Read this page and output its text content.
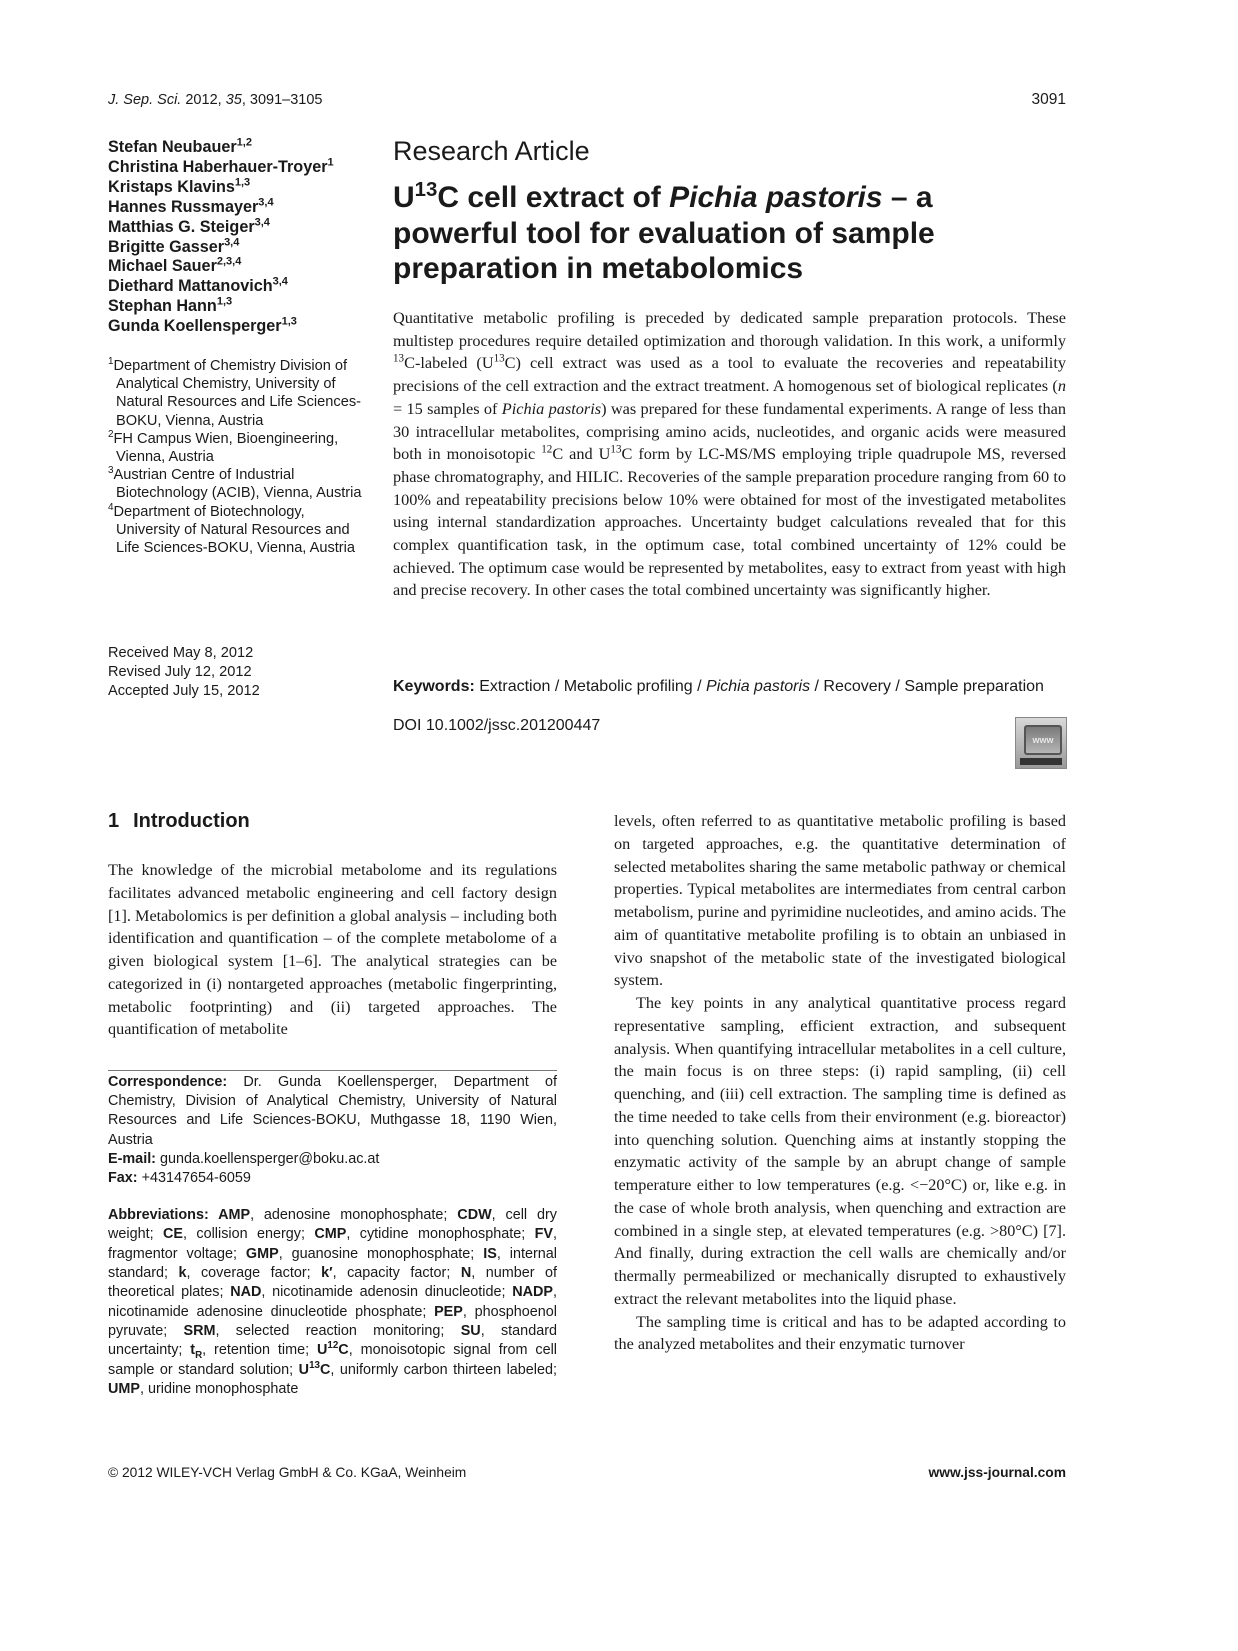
J. Sep. Sci. 2012, 35, 3091–3105	3091
Stefan Neubauer$^{1,2}$
Christina Haberhauer-Troyer$^1$
Kristaps Klavins$^{1,3}$
Hannes Russmayer$^{3,4}$
Matthias G. Steiger$^{3,4}$
Brigitte Gasser$^{3,4}$
Michael Sauer$^{2,3,4}$
Diethard Mattanovich$^{3,4}$
Stephan Hann$^{1,3}$
Gunda Koellensperger$^{1,3}$
$^1$Department of Chemistry Division of Analytical Chemistry, University of Natural Resources and Life Sciences-BOKU, Vienna, Austria
$^2$FH Campus Wien, Bioengineering, Vienna, Austria
$^3$Austrian Centre of Industrial Biotechnology (ACIB), Vienna, Austria
$^4$Department of Biotechnology, University of Natural Resources and Life Sciences-BOKU, Vienna, Austria
Received May 8, 2012
Revised July 12, 2012
Accepted July 15, 2012
Research Article
$U^{13}C$ cell extract of Pichia pastoris – a powerful tool for evaluation of sample preparation in metabolomics

Quantitative metabolic profiling is preceded by dedicated sample preparation protocols. These multistep procedures require detailed optimization and thorough validation. In this work, a uniformly $^{13}$C-labeled $(U^{13}C)$ cell extract was used as a tool to evaluate the recoveries and repeatability precisions of the cell extraction and the extract treatment. A homogenous set of biological replicates (n = 15 samples of Pichia pastoris) was prepared for these fundamental experiments. A range of less than 30 intracellular metabolites, comprising amino acids, nucleotides, and organic acids were measured both in monoisotopic $^{12}$C and $U^{13}C$ form by LC-MS/MS employing triple quadrupole MS, reversed phase chromatography, and HILIC. Recoveries of the sample preparation procedure ranging from 60 to 100% and repeatability precisions below 10% were obtained for most of the investigated metabolites using internal standardization approaches. Uncertainty budget calculations revealed that for this complex quantification task, in the optimum case, total combined uncertainty of 12% could be achieved. The optimum case would be represented by metabolites, easy to extract from yeast with high and precise recovery. In other cases the total combined uncertainty was significantly higher.

Keywords: Extraction / Metabolic profiling / Pichia pastoris / Recovery / Sample preparation
DOI 10.1002/jssc.201200447
www
1 Introduction

The knowledge of the microbial metabolome and its regulations facilitates advanced metabolic engineering and cell factory design [1]. Metabolomics is per definition a global analysis – including both identification and quantification – of the complete metabolome of a given biological system [1–6]. The analytical strategies can be categorized in (i) nontargeted approaches (metabolic fingerprinting, metabolic footprinting) and (ii) targeted approaches. The quantification of metabolite

levels, often referred to as quantitative metabolic profiling is based on targeted approaches, e.g. the quantitative determination of selected metabolites sharing the same metabolic pathway or chemical properties. Typical metabolites are intermediates from central carbon metabolism, purine and pyrimidine nucleotides, and amino acids. The aim of quantitative metabolite profiling is to obtain an unbiased in vivo snapshot of the metabolic state of the investigated biological system.

The key points in any analytical quantitative process regard representative sampling, efficient extraction, and subsequent analysis. When quantifying intracellular metabolites in a cell culture, the main focus is on three steps: (i) rapid sampling, (ii) cell quenching, and (iii) cell extraction. The sampling time is defined as the time needed to take cells from their environment (e.g. bioreactor) into quenching solution. Quenching aims at instantly stopping the enzymatic activity of the sample by an abrupt change of sample temperature either to low temperatures (e.g. <−20°C) or, like e.g. in the case of whole broth analysis, when quenching and extraction are combined in a single step, at elevated temperatures (e.g. >80°C) [7]. And finally, during extraction the cell walls are chemically and/or thermally permeabilized or mechanically disrupted to exhaustively extract the relevant metabolites into the liquid phase.

The sampling time is critical and has to be adapted according to the analyzed metabolites and their enzymatic turnover

Correspondence: Dr. Gunda Koellensperger, Department of Chemistry, Division of Analytical Chemistry, University of Natural Resources and Life Sciences-BOKU, Muthgasse 18, 1190 Wien, Austria

E-mail: gunda.koellensperger@boku.ac.at

Fax: +43147654-6059

Abbreviations: AMP, adenosine monophosphate; CDW, cell dry weight; CE, collision energy; CMP, cytidine monophosphate; FV, fragmentor voltage; GMP, guanosine monophosphate; IS, internal standard; k, coverage factor; k′, capacity factor; N, number of theoretical plates; NAD, nicotinamide adenosin dinucleotide; NADP, nicotinamide adenosine dinucleotide phosphate; PEP, phosphoenol pyruvate; SRM, selected reaction monitoring; SU, standard uncertainty; $t_R$, retention time; $U^{12}C$, monoisotopic signal from cell sample or standard solution; $U^{13}C$, uniformly carbon thirteen labeled; UMP, uridine monophosphate

© 2012 WILEY-VCH Verlag GmbH & Co. KGaA, Weinheim	www.jss-journal.com
